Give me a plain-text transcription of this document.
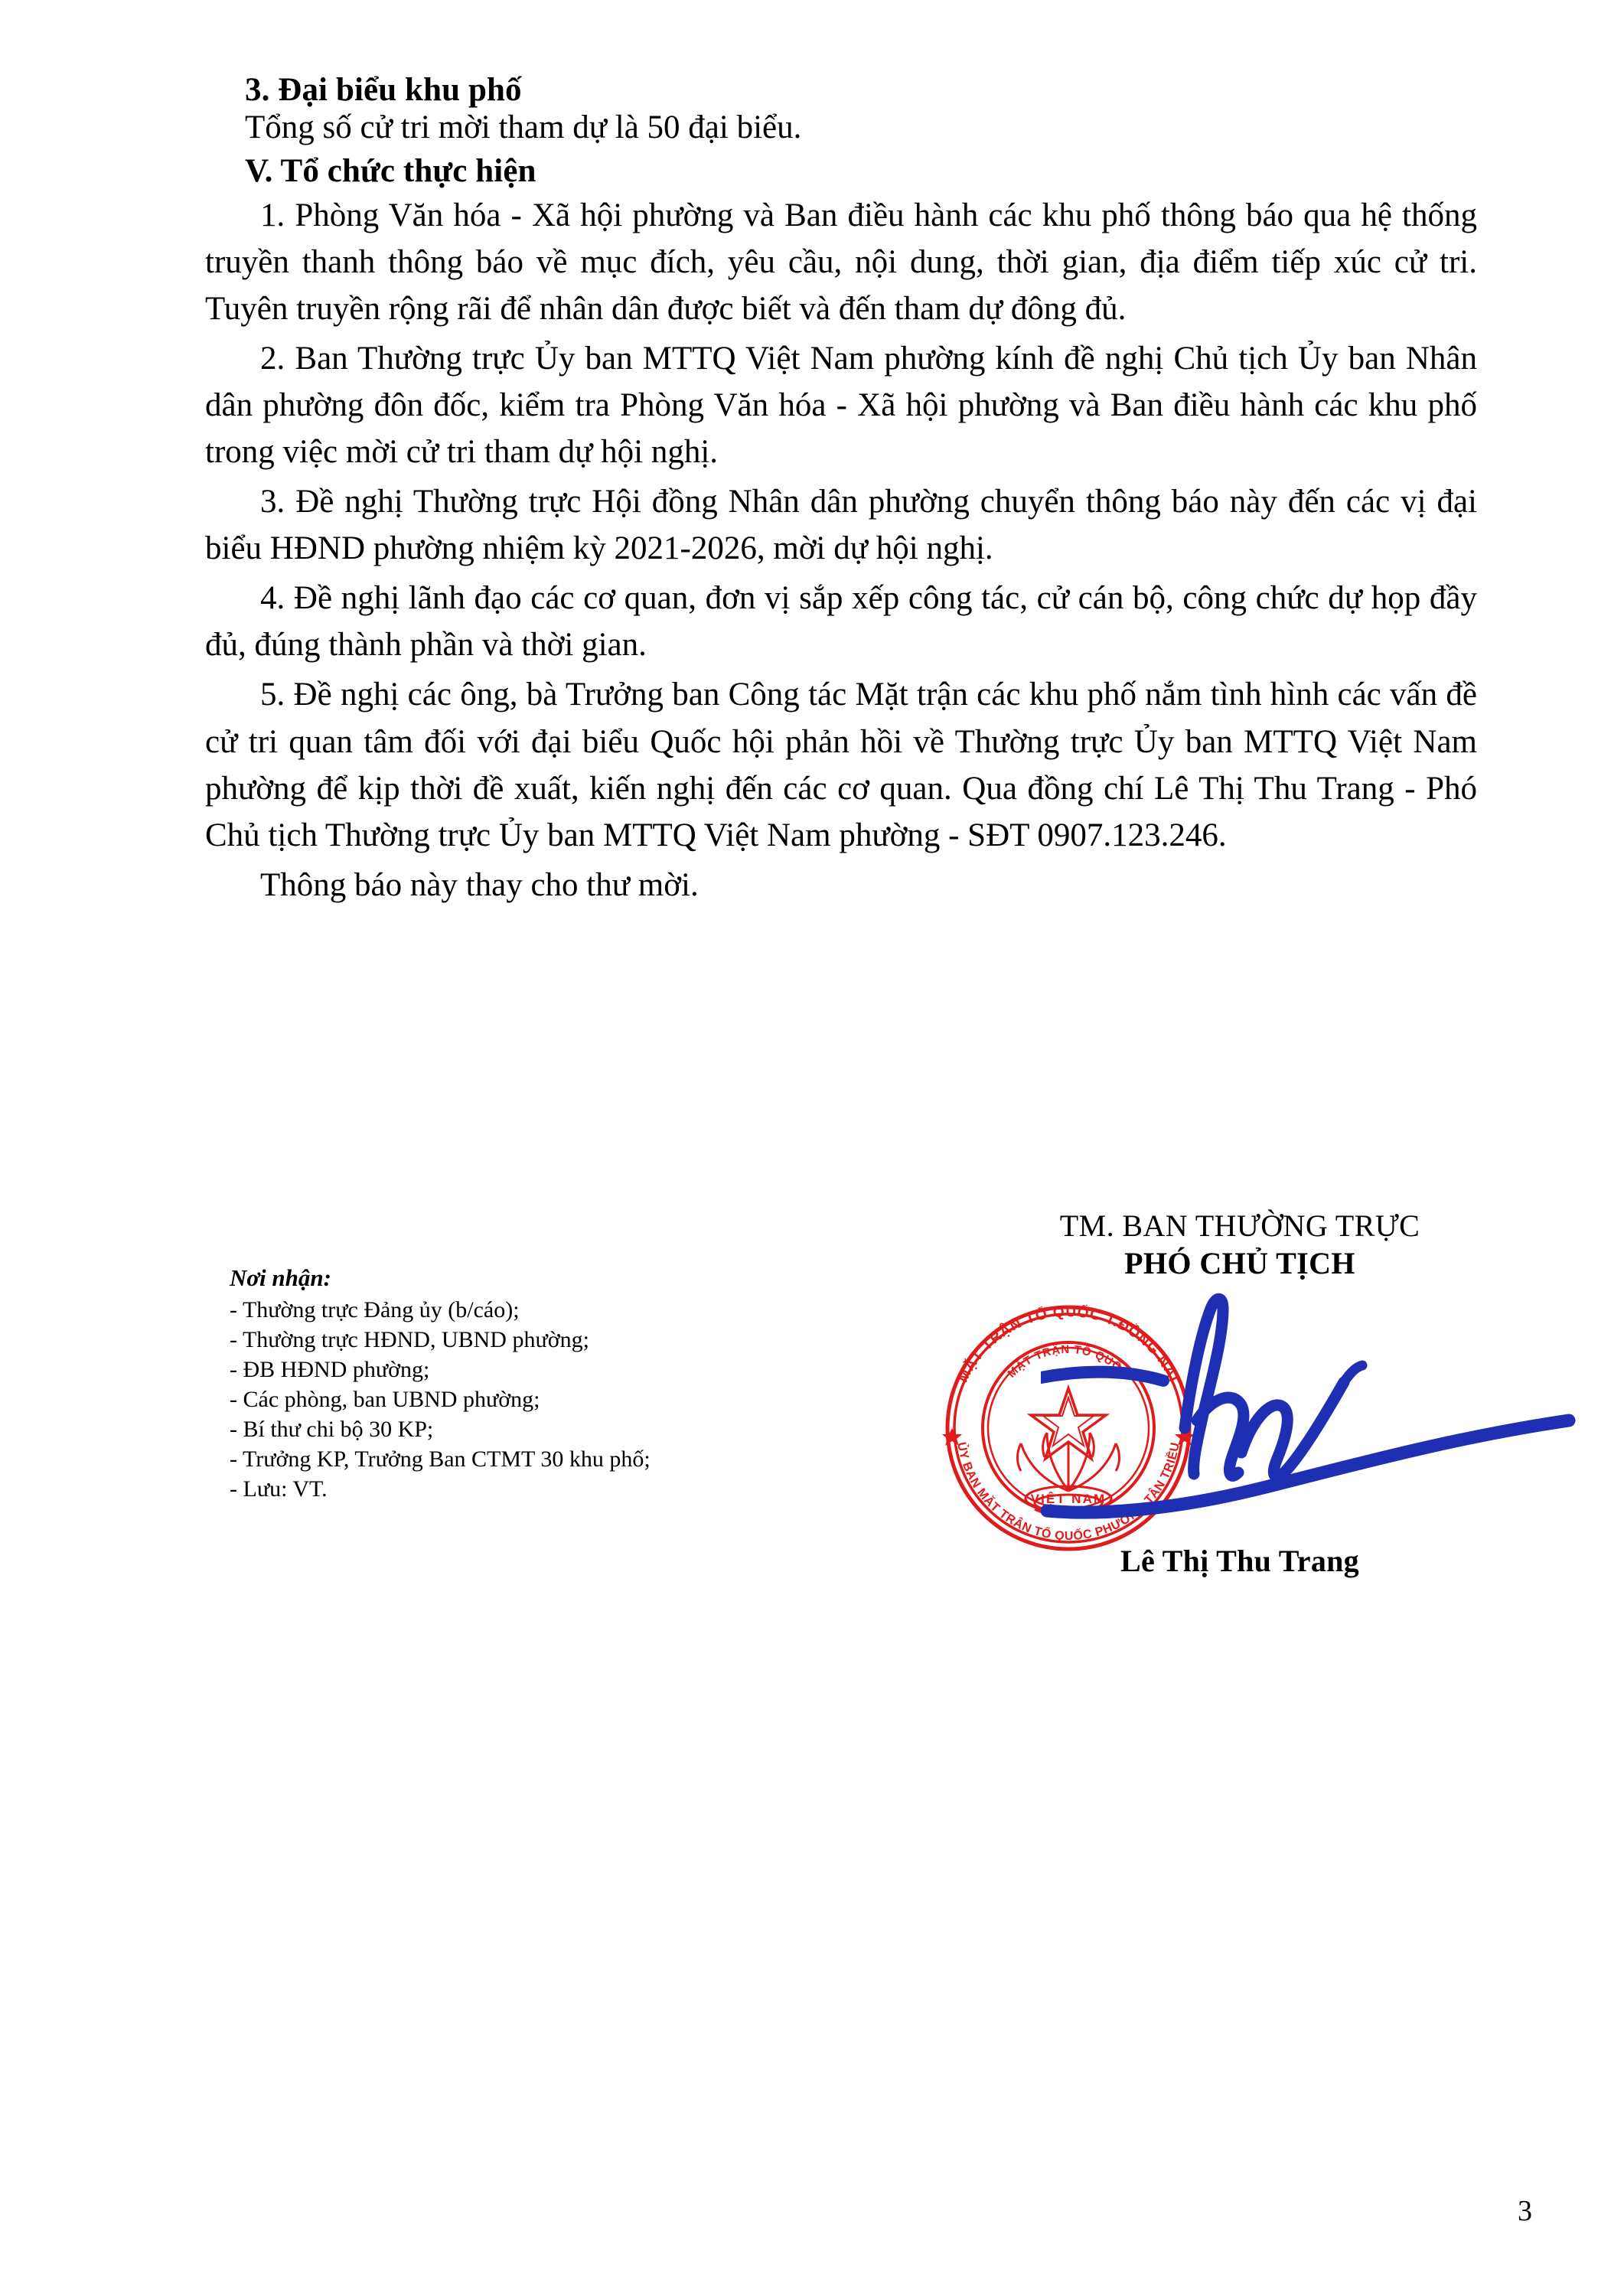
3. Đại biểu khu phố

Tổng số cử tri mời tham dự là 50 đại biểu.

V. Tổ chức thực hiện

1. Phòng Văn hóa - Xã hội phường và Ban điều hành các khu phố thông báo qua hệ thống truyền thanh thông báo về mục đích, yêu cầu, nội dung, thời gian, địa điểm tiếp xúc cử tri. Tuyên truyền rộng rãi để nhân dân được biết và đến tham dự đông đủ.

2. Ban Thường trực Ủy ban MTTQ Việt Nam phường kính đề nghị Chủ tịch Ủy ban Nhân dân phường đôn đốc, kiểm tra Phòng Văn hóa - Xã hội phường và Ban điều hành các khu phố trong việc mời cử tri tham dự hội nghị.

3. Đề nghị Thường trực Hội đồng Nhân dân phường chuyển thông báo này đến các vị đại biểu HĐND phường nhiệm kỳ 2021-2026, mời dự hội nghị.

4. Đề nghị lãnh đạo các cơ quan, đơn vị sắp xếp công tác, cử cán bộ, công chức dự họp đầy đủ, đúng thành phần và thời gian.

5. Đề nghị các ông, bà Trưởng ban Công tác Mặt trận các khu phố nắm tình hình các vấn đề cử tri quan tâm đối với đại biểu Quốc hội phản hồi về Thường trực Ủy ban MTTQ Việt Nam phường để kịp thời đề xuất, kiến nghị đến các cơ quan. Qua đồng chí Lê Thị Thu Trang - Phó Chủ tịch Thường trực Ủy ban MTTQ Việt Nam phường - SĐT 0907.123.246.

Thông báo này thay cho thư mời.

Nơi nhận:

- Thường trực Đảng ủy (b/cáo);

- Thường trực HĐND, UBND phường;

- ĐB HĐND phường;

- Các phòng, ban UBND phường;

- Bí thư chi bộ 30 KP;

- Trưởng KP, Trưởng Ban CTMT 30 khu phố;

- Lưu: VT.

TM. BAN THƯỜNG TRỰC

PHÓ CHỦ TỊCH

MẶT TRẬN TỔ QUỐC T.ĐỒNG NAI
ỦY BAN MẶT TRẬN TỔ QUỐC PHƯỜNG TÂN TRIỀU
MẶT TRẬN TỔ QUỐC
VIỆT NAM

Lê Thị Thu Trang

3
